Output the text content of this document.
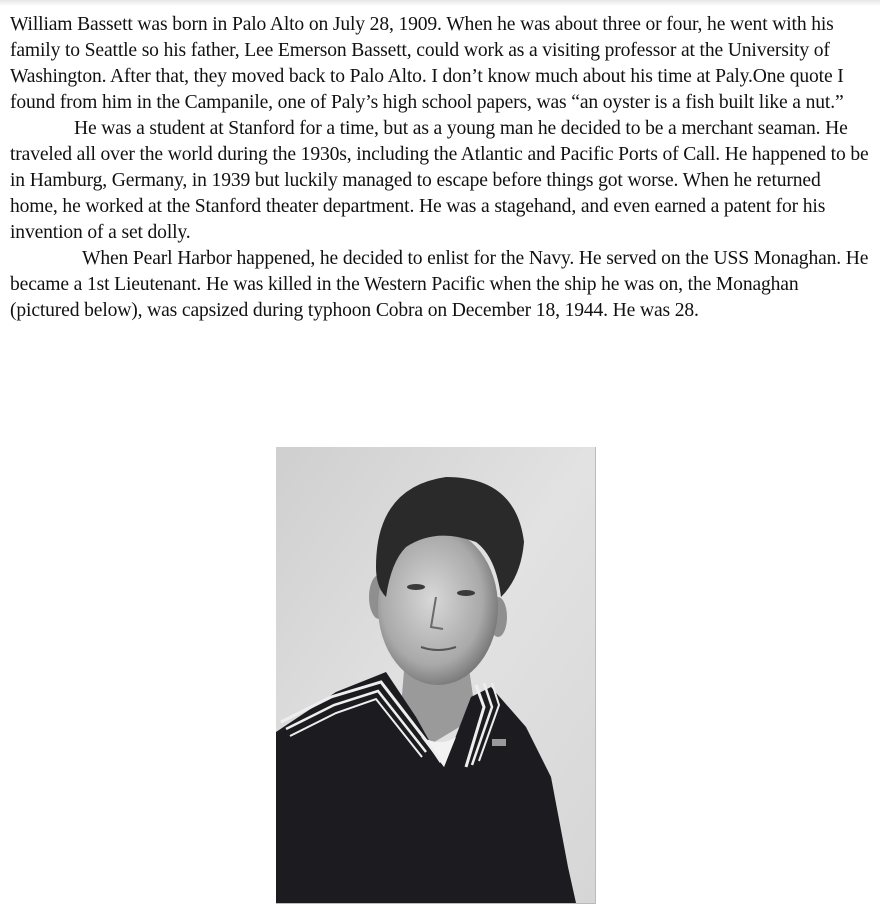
William Bassett was born in Palo Alto on July 28, 1909. When he was about three or four, he went with his family to Seattle so his father, Lee Emerson Bassett, could work as a visiting professor at the University of Washington. After that, they moved back to Palo Alto. I don’t know much about his time at Paly.One quote I found from him in the Campanile, one of Paly’s high school papers, was “an oyster is a fish built like a nut.”

He was a student at Stanford for a time, but as a young man he decided to be a merchant seaman. He traveled all over the world during the 1930s, including the Atlantic and Pacific Ports of Call. He happened to be in Hamburg, Germany, in 1939 but luckily managed to escape before things got worse. When he returned home, he worked at the Stanford theater department. He was a stagehand, and even earned a patent for his invention of a set dolly.

When Pearl Harbor happened, he decided to enlist for the Navy. He served on the USS Monaghan. He became a 1st Lieutenant. He was killed in the Western Pacific when the ship he was on, the Monaghan (pictured below), was capsized during typhoon Cobra on December 18, 1944. He was 28.
